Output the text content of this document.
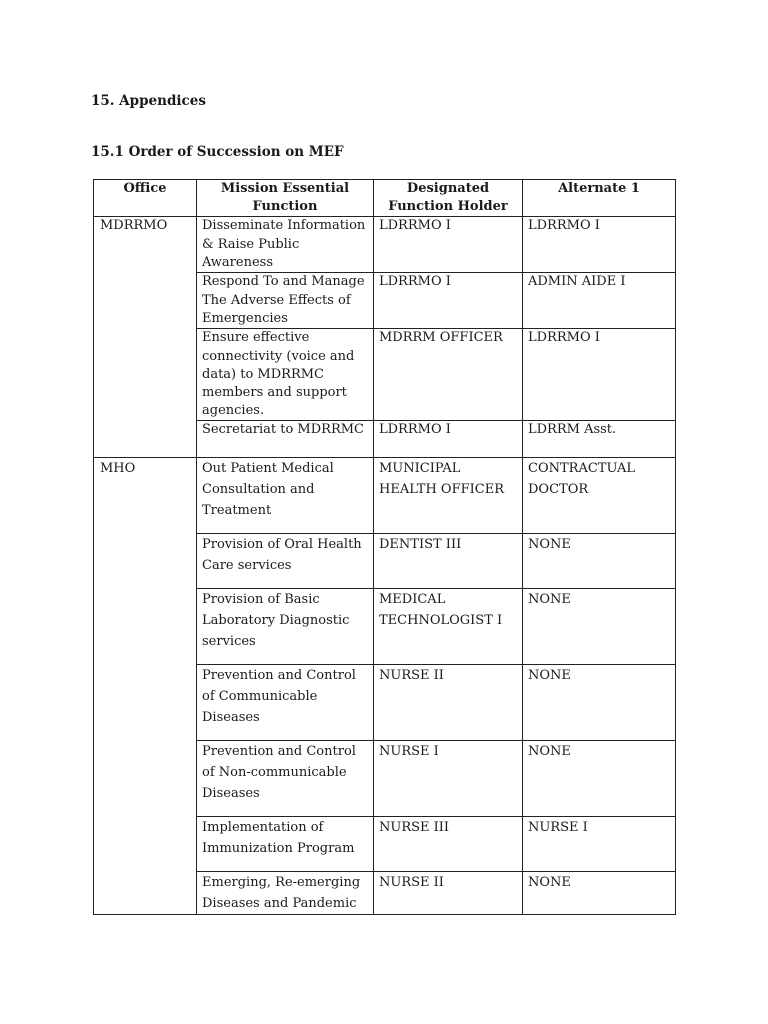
15. Appendices

15.1 Order of Succession on MEF

Office	Mission Essential Function	Designated Function Holder	Alternate 1
MDRRMO	Disseminate Information & Raise Public Awareness	LDRRMO I	LDRRMO I
	Respond To and Manage The Adverse Effects of Emergencies	LDRRMO I	ADMIN AIDE I
	Ensure effective connectivity (voice and data) to MDRRMC members and support agencies.	MDRRM OFFICER	LDRRMO I
	Secretariat to MDRRMC	LDRRMO I	LDRRM Asst.
MHO	Out Patient Medical Consultation and Treatment	MUNICIPAL HEALTH OFFICER	CONTRACTUAL DOCTOR
	Provision of Oral Health Care services	DENTIST III	NONE
	Provision of Basic Laboratory Diagnostic services	MEDICAL TECHNOLOGIST I	NONE
	Prevention and Control of Communicable Diseases	NURSE II	NONE
	Prevention and Control of Non-communicable Diseases	NURSE I	NONE
	Implementation of Immunization Program	NURSE III	NURSE I
	Emerging, Re-emerging Diseases and Pandemic	NURSE II	NONE
